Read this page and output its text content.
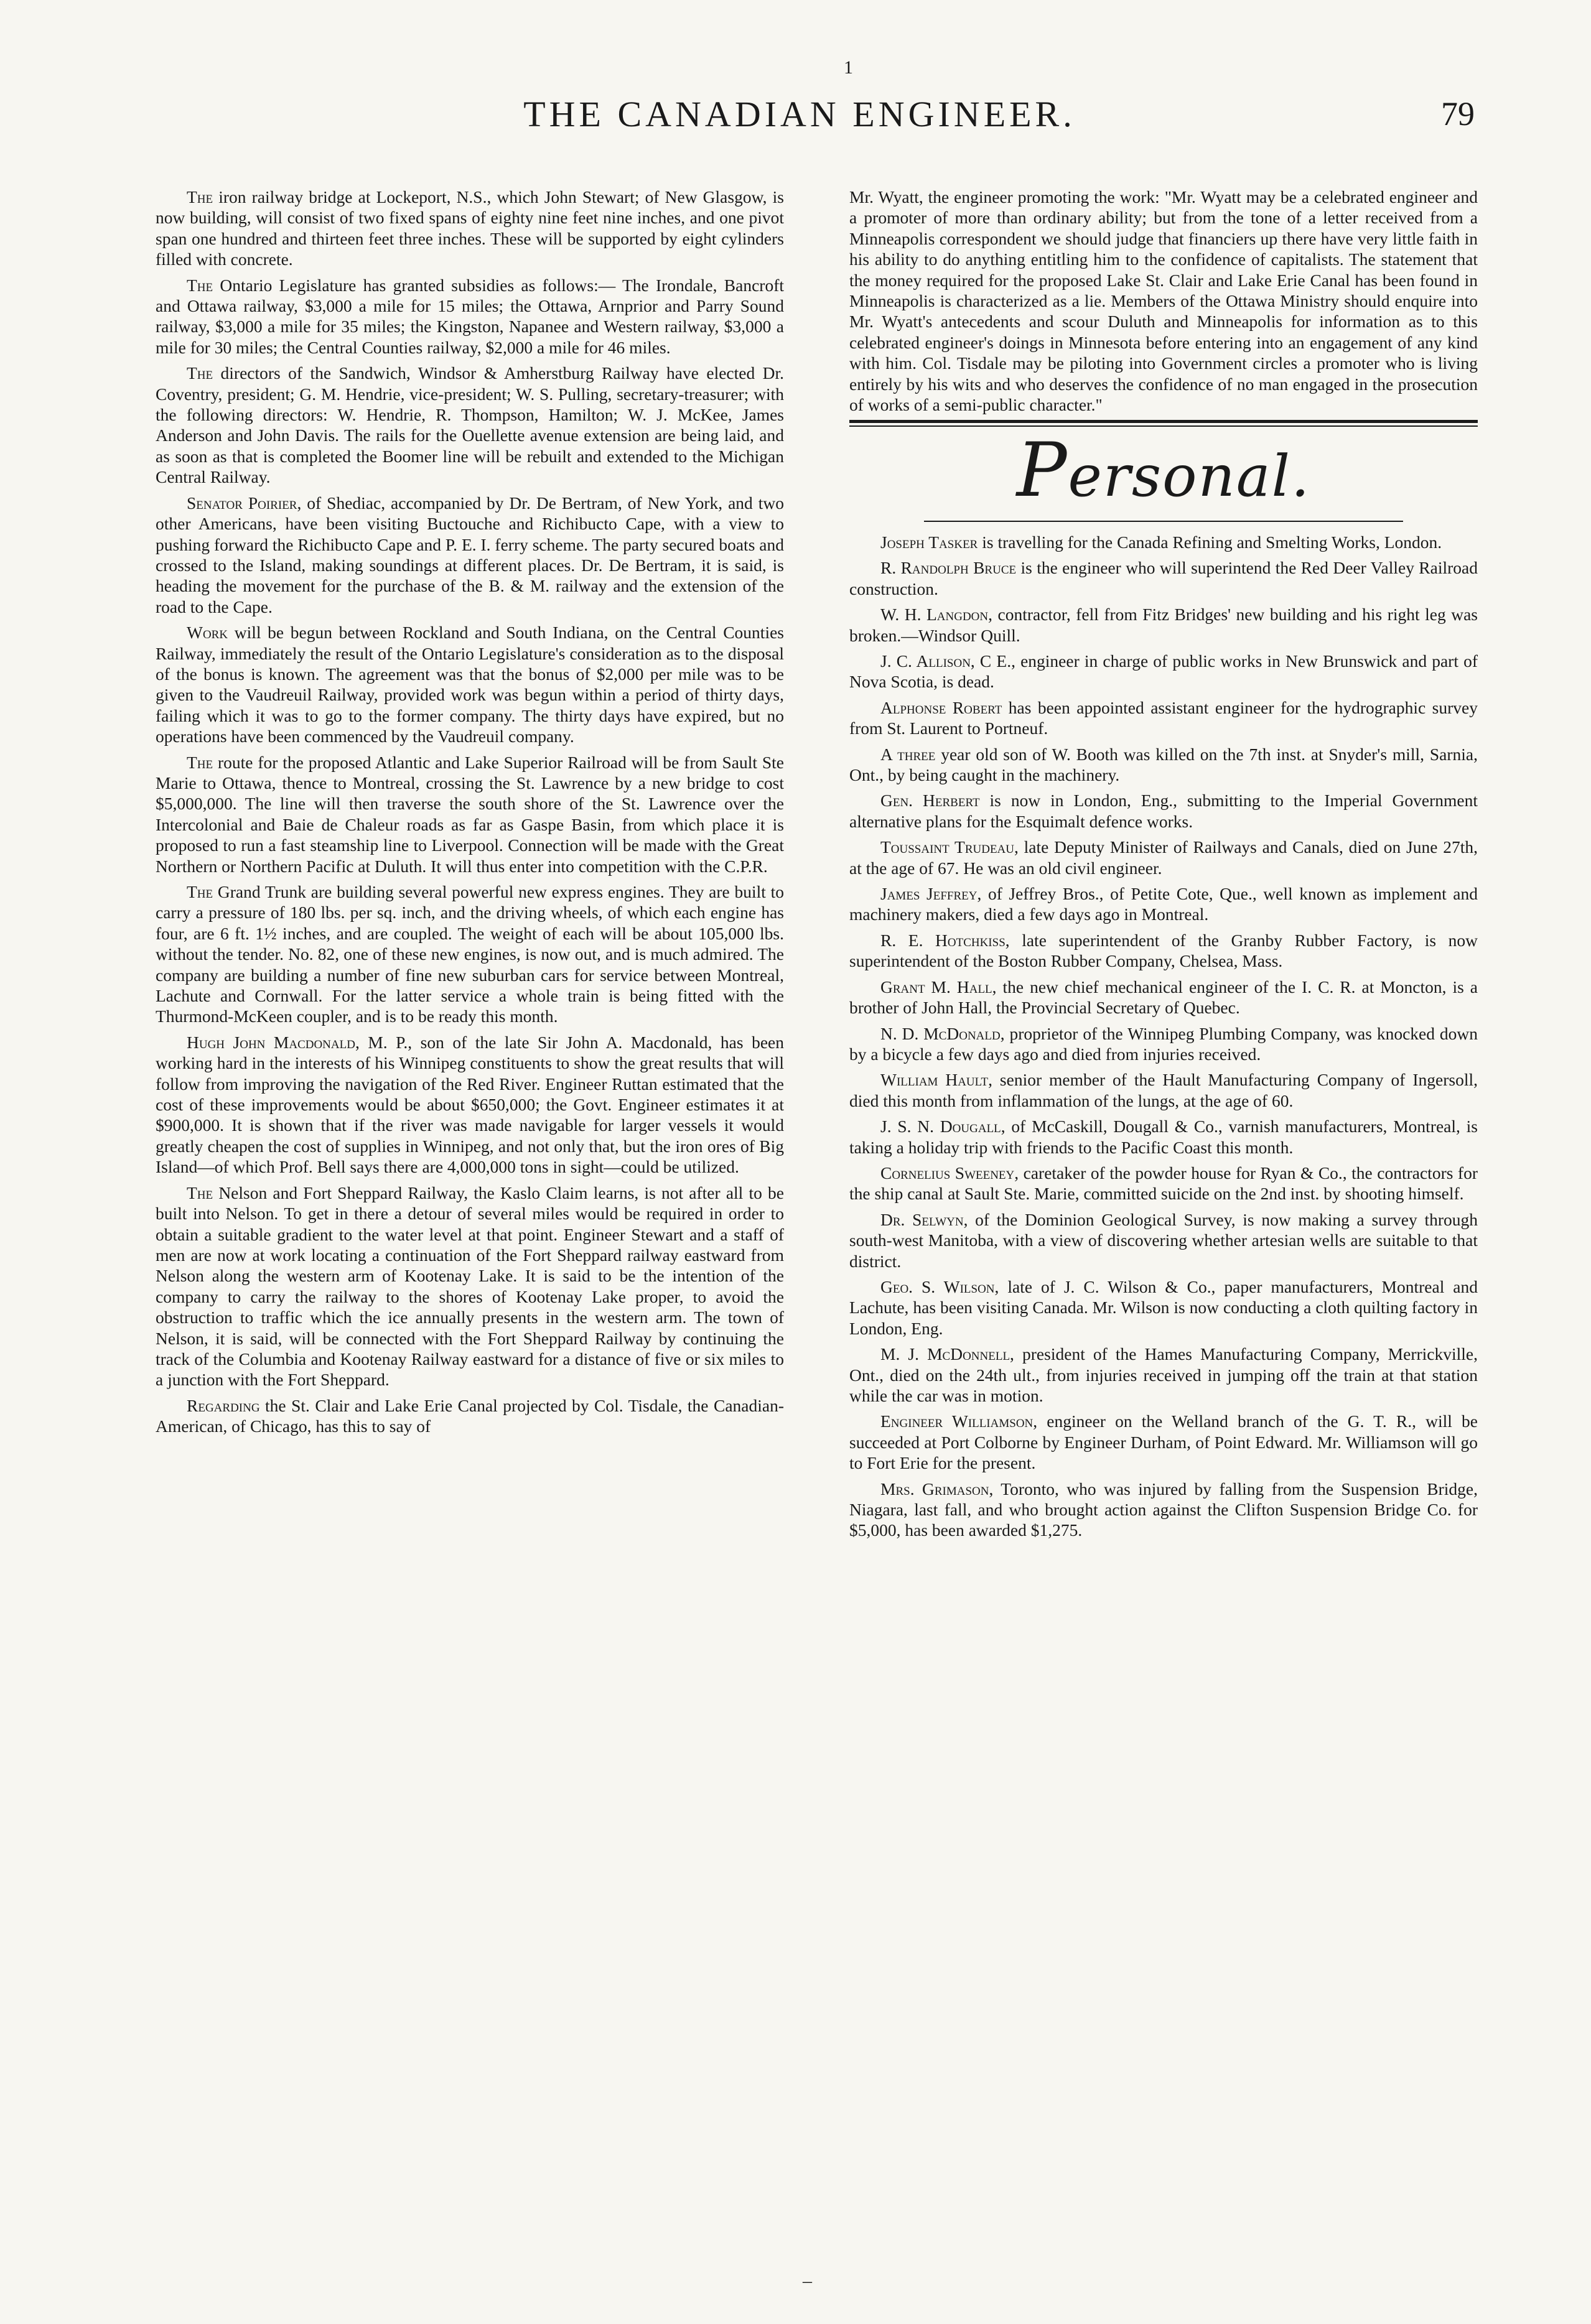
1
THE CANADIAN ENGINEER.	79

The iron railway bridge at Lockeport, N.S., which John Stewart; of New Glasgow, is now building, will consist of two fixed spans of eighty nine feet nine inches, and one pivot span one hundred and thirteen feet three inches. These will be supported by eight cylinders filled with concrete.

The Ontario Legislature has granted subsidies as follows:— The Irondale, Bancroft and Ottawa railway, $3,000 a mile for 15 miles; the Ottawa, Arnprior and Parry Sound railway, $3,000 a mile for 35 miles; the Kingston, Napanee and Western railway, $3,000 a mile for 30 miles; the Central Counties railway, $2,000 a mile for 46 miles.

The directors of the Sandwich, Windsor & Amherstburg Railway have elected Dr. Coventry, president; G. M. Hendrie, vice-president; W. S. Pulling, secretary-treasurer; with the following directors: W. Hendrie, R. Thompson, Hamilton; W. J. McKee, James Anderson and John Davis. The rails for the Ouellette avenue extension are being laid, and as soon as that is completed the Boomer line will be rebuilt and extended to the Michigan Central Railway.

Senator Poirier, of Shediac, accompanied by Dr. De Bertram, of New York, and two other Americans, have been visiting Buctouche and Richibucto Cape, with a view to pushing forward the Richibucto Cape and P. E. I. ferry scheme. The party secured boats and crossed to the Island, making soundings at different places. Dr. De Bertram, it is said, is heading the movement for the purchase of the B. & M. railway and the extension of the road to the Cape.

Work will be begun between Rockland and South Indiana, on the Central Counties Railway, immediately the result of the Ontario Legislature's consideration as to the disposal of the bonus is known. The agreement was that the bonus of $2,000 per mile was to be given to the Vaudreuil Railway, provided work was begun within a period of thirty days, failing which it was to go to the former company. The thirty days have expired, but no operations have been commenced by the Vaudreuil company.

The route for the proposed Atlantic and Lake Superior Railroad will be from Sault Ste Marie to Ottawa, thence to Montreal, crossing the St. Lawrence by a new bridge to cost $5,000,000. The line will then traverse the south shore of the St. Lawrence over the Intercolonial and Baie de Chaleur roads as far as Gaspe Basin, from which place it is proposed to run a fast steamship line to Liverpool. Connection will be made with the Great Northern or Northern Pacific at Duluth. It will thus enter into competition with the C.P.R.

The Grand Trunk are building several powerful new express engines. They are built to carry a pressure of 180 lbs. per sq. inch, and the driving wheels, of which each engine has four, are 6 ft. 1½ inches, and are coupled. The weight of each will be about 105,000 lbs. without the tender. No. 82, one of these new engines, is now out, and is much admired. The company are building a number of fine new suburban cars for service between Montreal, Lachute and Cornwall. For the latter service a whole train is being fitted with the Thurmond-McKeen coupler, and is to be ready this month.

Hugh John Macdonald, M. P., son of the late Sir John A. Macdonald, has been working hard in the interests of his Winnipeg constituents to show the great results that will follow from improving the navigation of the Red River. Engineer Ruttan estimated that the cost of these improvements would be about $650,000; the Govt. Engineer estimates it at $900,000. It is shown that if the river was made navigable for larger vessels it would greatly cheapen the cost of supplies in Winnipeg, and not only that, but the iron ores of Big Island—of which Prof. Bell says there are 4,000,000 tons in sight—could be utilized.

The Nelson and Fort Sheppard Railway, the Kaslo Claim learns, is not after all to be built into Nelson. To get in there a detour of several miles would be required in order to obtain a suitable gradient to the water level at that point. Engineer Stewart and a staff of men are now at work locating a continuation of the Fort Sheppard railway eastward from Nelson along the western arm of Kootenay Lake. It is said to be the intention of the company to carry the railway to the shores of Kootenay Lake proper, to avoid the obstruction to traffic which the ice annually presents in the western arm. The town of Nelson, it is said, will be connected with the Fort Sheppard Railway by continuing the track of the Columbia and Kootenay Railway eastward for a distance of five or six miles to a junction with the Fort Sheppard.

Regarding the St. Clair and Lake Erie Canal projected by Col. Tisdale, the Canadian-American, of Chicago, has this to say of

Mr. Wyatt, the engineer promoting the work: "Mr. Wyatt may be a celebrated engineer and a promoter of more than ordinary ability; but from the tone of a letter received from a Minneapolis correspondent we should judge that financiers up there have very little faith in his ability to do anything entitling him to the confidence of capitalists. The statement that the money required for the proposed Lake St. Clair and Lake Erie Canal has been found in Minneapolis is characterized as a lie. Members of the Ottawa Ministry should enquire into Mr. Wyatt's antecedents and scour Duluth and Minneapolis for information as to this celebrated engineer's doings in Minnesota before entering into an engagement of any kind with him. Col. Tisdale may be piloting into Government circles a promoter who is living entirely by his wits and who deserves the confidence of no man engaged in the prosecution of works of a semi-public character."

Personal.

Joseph Tasker is travelling for the Canada Refining and Smelting Works, London.

R. Randolph Bruce is the engineer who will superintend the Red Deer Valley Railroad construction.

W. H. Langdon, contractor, fell from Fitz Bridges' new building and his right leg was broken.—Windsor Quill.

J. C. Allison, C E., engineer in charge of public works in New Brunswick and part of Nova Scotia, is dead.

Alphonse Robert has been appointed assistant engineer for the hydrographic survey from St. Laurent to Portneuf.

A three year old son of W. Booth was killed on the 7th inst. at Snyder's mill, Sarnia, Ont., by being caught in the machinery.

Gen. Herbert is now in London, Eng., submitting to the Imperial Government alternative plans for the Esquimalt defence works.

Toussaint Trudeau, late Deputy Minister of Railways and Canals, died on June 27th, at the age of 67. He was an old civil engineer.

James Jeffrey, of Jeffrey Bros., of Petite Cote, Que., well known as implement and machinery makers, died a few days ago in Montreal.

R. E. Hotchkiss, late superintendent of the Granby Rubber Factory, is now superintendent of the Boston Rubber Company, Chelsea, Mass.

Grant M. Hall, the new chief mechanical engineer of the I. C. R. at Moncton, is a brother of John Hall, the Provincial Secretary of Quebec.

N. D. McDonald, proprietor of the Winnipeg Plumbing Company, was knocked down by a bicycle a few days ago and died from injuries received.

William Hault, senior member of the Hault Manufacturing Company of Ingersoll, died this month from inflammation of the lungs, at the age of 60.

J. S. N. Dougall, of McCaskill, Dougall & Co., varnish manufacturers, Montreal, is taking a holiday trip with friends to the Pacific Coast this month.

Cornelius Sweeney, caretaker of the powder house for Ryan & Co., the contractors for the ship canal at Sault Ste. Marie, committed suicide on the 2nd inst. by shooting himself.

Dr. Selwyn, of the Dominion Geological Survey, is now making a survey through south-west Manitoba, with a view of discovering whether artesian wells are suitable to that district.

Geo. S. Wilson, late of J. C. Wilson & Co., paper manufacturers, Montreal and Lachute, has been visiting Canada. Mr. Wilson is now conducting a cloth quilting factory in London, Eng.

M. J. McDonnell, president of the Hames Manufacturing Company, Merrickville, Ont., died on the 24th ult., from injuries received in jumping off the train at that station while the car was in motion.

Engineer Williamson, engineer on the Welland branch of the G. T. R., will be succeeded at Port Colborne by Engineer Durham, of Point Edward. Mr. Williamson will go to Fort Erie for the present.

Mrs. Grimason, Toronto, who was injured by falling from the Suspension Bridge, Niagara, last fall, and who brought action against the Clifton Suspension Bridge Co. for $5,000, has been awarded $1,275.

–
